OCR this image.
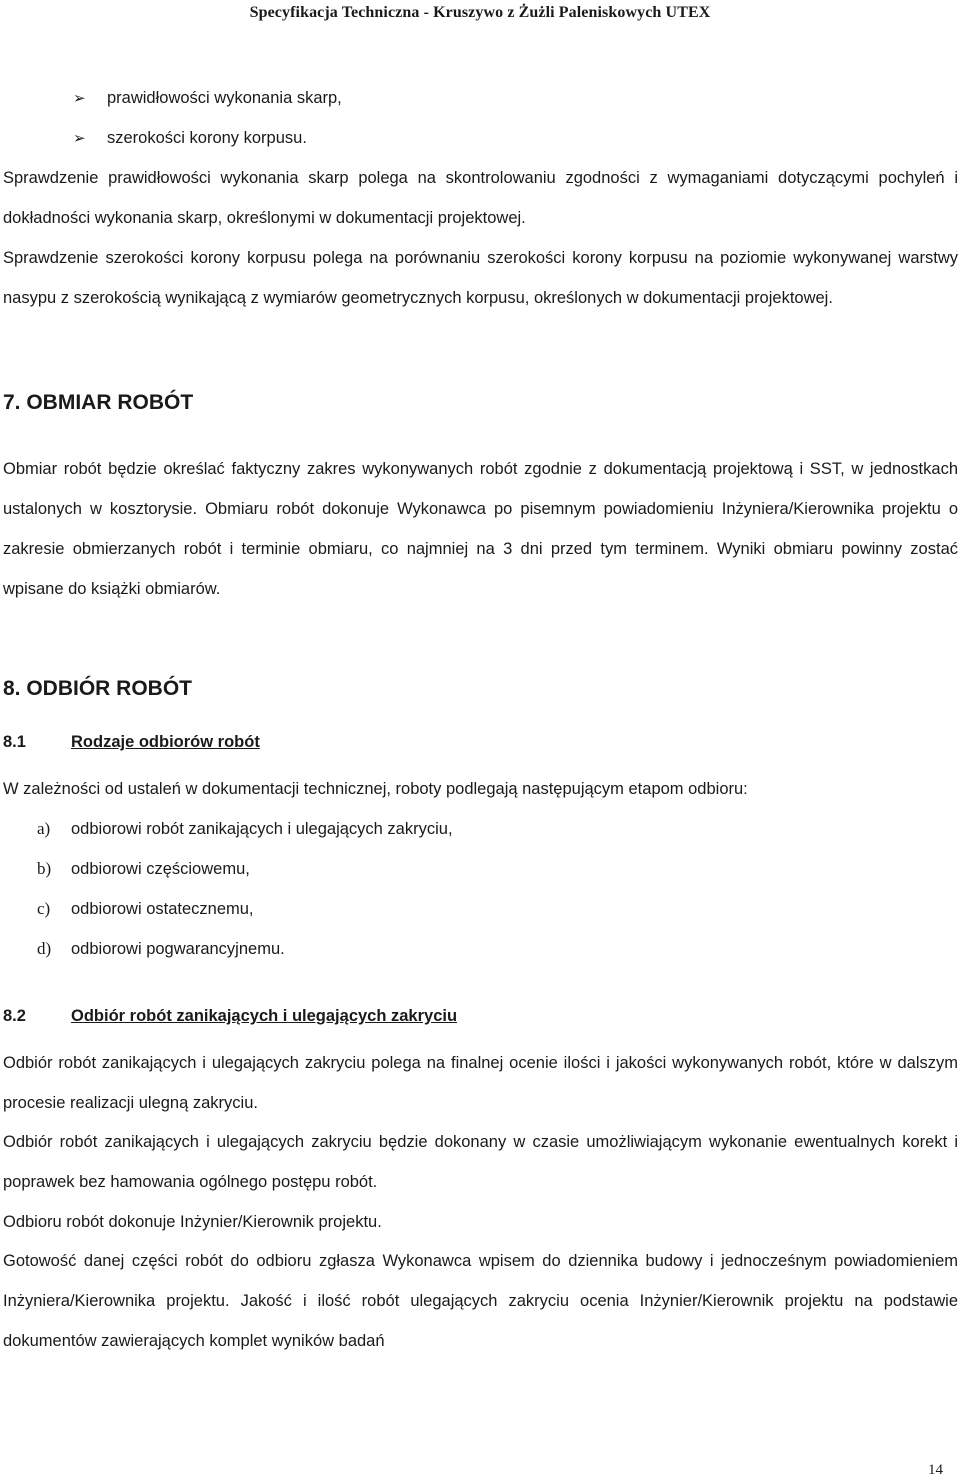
Specyfikacja Techniczna - Kruszywo z Żużli Paleniskowych UTEX
➢ prawidłowości wykonania skarp,
➢ szerokości korony korpusu.
Sprawdzenie prawidłowości wykonania skarp polega na skontrolowaniu zgodności z wymaganiami dotyczącymi pochyleń i dokładności wykonania skarp, określonymi w dokumentacji projektowej.
Sprawdzenie szerokości korony korpusu polega na porównaniu szerokości korony korpusu na poziomie wykonywanej warstwy nasypu z szerokością wynikającą z wymiarów geometrycznych korpusu, określonych w dokumentacji projektowej.
7. OBMIAR ROBÓT
Obmiar robót będzie określać faktyczny zakres wykonywanych robót zgodnie z dokumentacją projektową i SST, w jednostkach ustalonych w kosztorysie. Obmiaru robót dokonuje Wykonawca po pisemnym powiadomieniu Inżyniera/Kierownika projektu o zakresie obmierzanych robót i terminie obmiaru, co najmniej na 3 dni przed tym terminem. Wyniki obmiaru powinny zostać wpisane do książki obmiarów.
8. ODBIÓR ROBÓT
8.1	Rodzaje odbiorów robót
W zależności od ustaleń w dokumentacji technicznej, roboty podlegają następującym etapom odbioru:
a) odbiorowi robót zanikających i ulegających zakryciu,
b) odbiorowi częściowemu,
c) odbiorowi ostatecznemu,
d) odbiorowi pogwarancyjnemu.
8.2	Odbiór robót zanikających i ulegających zakryciu
Odbiór robót zanikających i ulegających zakryciu polega na finalnej ocenie ilości i jakości wykonywanych robót, które w dalszym procesie realizacji ulegną zakryciu.
Odbiór robót zanikających i ulegających zakryciu będzie dokonany w czasie umożliwiającym wykonanie ewentualnych korekt i poprawek bez hamowania ogólnego postępu robót.
Odbioru robót dokonuje Inżynier/Kierownik projektu.
Gotowość danej części robót do odbioru zgłasza Wykonawca wpisem do dziennika budowy i jednocześnym powiadomieniem Inżyniera/Kierownika projektu. Jakość i ilość robót ulegających zakryciu ocenia Inżynier/Kierownik projektu na podstawie dokumentów zawierających komplet wyników badań
14
